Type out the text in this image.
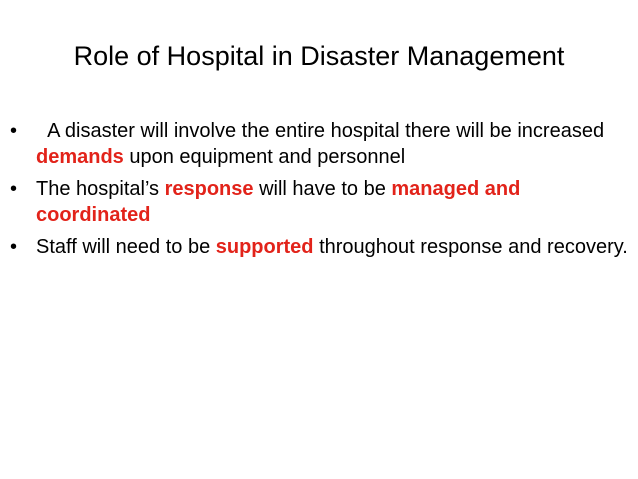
Role of Hospital in Disaster Management
• A disaster will involve the entire hospital there will be increased demands upon equipment and personnel
• The hospital’s response will have to be managed and coordinated
• Staff will need to be supported throughout response and recovery.
